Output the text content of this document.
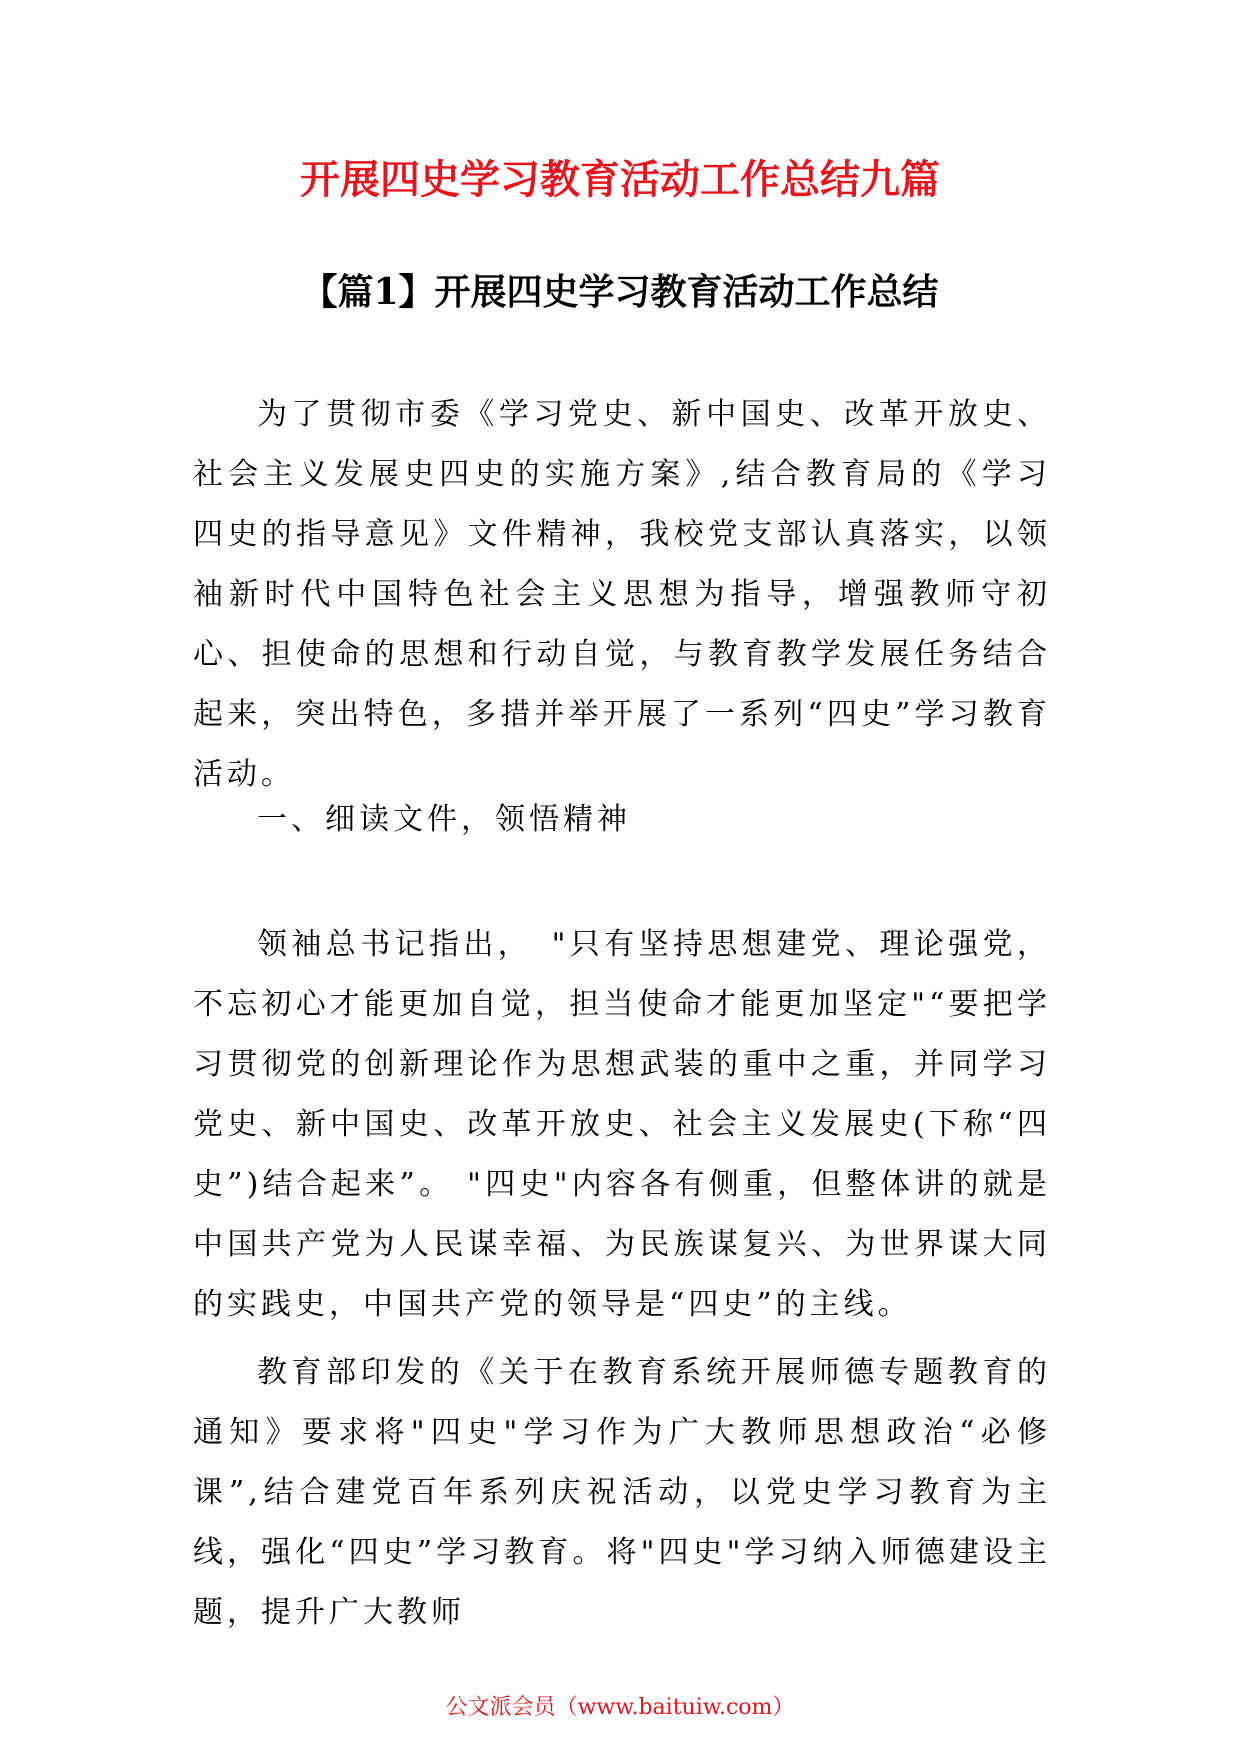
开展四史学习教育活动工作总结九篇
【篇1】开展四史学习教育活动工作总结

为了贯彻市委《学习党史、新中国史、改革开放史、社会主义发展史四史的实施方案》,结合教育局的《学习四史的指导意见》文件精神，我校党支部认真落实，以领袖新时代中国特色社会主义思想为指导，增强教师守初心、担使命的思想和行动自觉，与教育教学发展任务结合起来，突出特色，多措并举开展了一系列“四史”学习教育活动。

一、细读文件，领悟精神

领袖总书记指出，　"只有坚持思想建党、理论强党，不忘初心才能更加自觉，担当使命才能更加坚定"“要把学习贯彻党的创新理论作为思想武装的重中之重，并同学习党史、新中国史、改革开放史、社会主义发展史(下称“四史”)结合起来”。 "四史"内容各有侧重，但整体讲的就是中国共产党为人民谋幸福、为民族谋复兴、为世界谋大同的实践史，中国共产党的领导是“四史”的主线。

教育部印发的《关于在教育系统开展师德专题教育的通知》要求将"四史"学习作为广大教师思想政治“必修课”,结合建党百年系列庆祝活动，以党史学习教育为主线，强化“四史”学习教育。将"四史"学习纳入师德建设主题，提升广大教师

公文派会员（www.baituiw.com）
